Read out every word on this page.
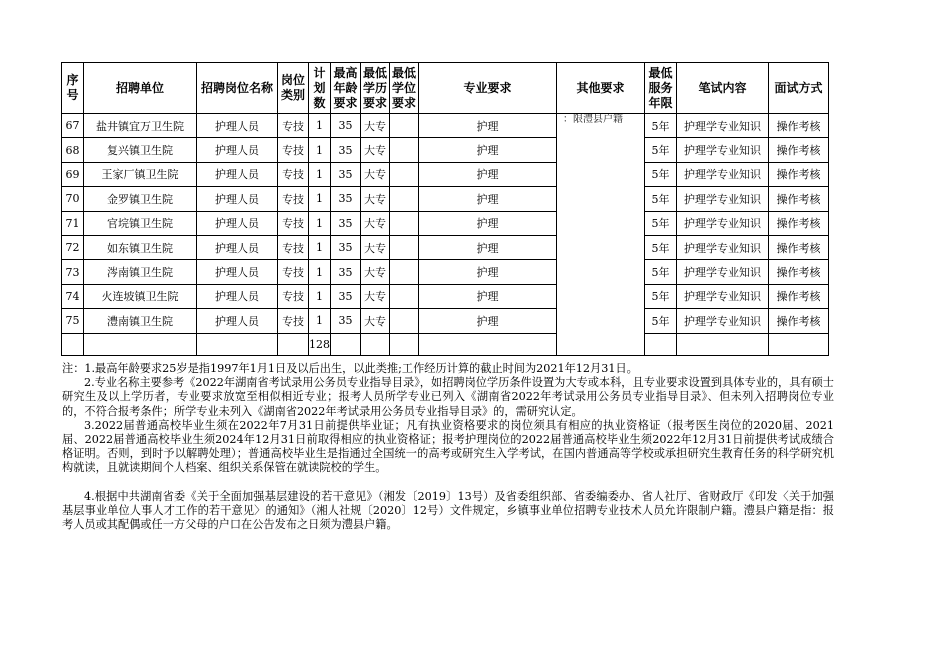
序号	招聘单位	招聘岗位名称	岗位类别	计划数	最高年龄要求	最低学历要求	最低学位要求	专业要求	其他要求	最低服务年限	笔试内容	面试方式
67	盐井镇宜万卫生院	护理人员	专技	1	35	大专		护理	：限澧县户籍	5年	护理学专业知识	操作考核
68	复兴镇卫生院	护理人员	专技	1	35	大专		护理		5年	护理学专业知识	操作考核
69	王家厂镇卫生院	护理人员	专技	1	35	大专		护理		5年	护理学专业知识	操作考核
70	金罗镇卫生院	护理人员	专技	1	35	大专		护理		5年	护理学专业知识	操作考核
71	官垸镇卫生院	护理人员	专技	1	35	大专		护理		5年	护理学专业知识	操作考核
72	如东镇卫生院	护理人员	专技	1	35	大专		护理		5年	护理学专业知识	操作考核
73	涔南镇卫生院	护理人员	专技	1	35	大专		护理		5年	护理学专业知识	操作考核
74	火连坡镇卫生院	护理人员	专技	1	35	大专		护理		5年	护理学专业知识	操作考核
75	澧南镇卫生院	护理人员	专技	1	35	大专		护理		5年	护理学专业知识	操作考核
				128								

注：1.最高年龄要求25岁是指1997年1月1日及以后出生，以此类推;工作经历计算的截止时间为2021年12月31日。

2.专业名称主要参考《2022年湖南省考试录用公务员专业指导目录》，如招聘岗位学历条件设置为大专或本科，且专业要求设置到具体专业的，具有硕士研究生及以上学历者，专业要求放宽至相似相近专业；报考人员所学专业已列入《湖南省2022年考试录用公务员专业指导目录》、但未列入招聘岗位专业的，不符合报考条件；所学专业未列入《湖南省2022年考试录用公务员专业指导目录》的，需研究认定。

3.2022届普通高校毕业生须在2022年7月31日前提供毕业证；凡有执业资格要求的岗位须具有相应的执业资格证（报考医生岗位的2020届、2021届、2022届普通高校毕业生须2024年12月31日前取得相应的执业资格证；报考护理岗位的2022届普通高校毕业生须2022年12月31日前提供考试成绩合格证明。否则，到时予以解聘处理）；普通高校毕业生是指通过全国统一的高考或研究生入学考试，在国内普通高等学校或承担研究生教育任务的科学研究机构就读，且就读期间个人档案、组织关系保管在就读院校的学生。

4.根据中共湖南省委《关于全面加强基层建设的若干意见》（湘发〔2019〕13号）及省委组织部、省委编委办、省人社厅、省财政厅《印发〈关于加强基层事业单位人事人才工作的若干意见〉的通知》（湘人社规〔2020〕12号）文件规定，乡镇事业单位招聘专业技术人员允许限制户籍。澧县户籍是指：报考人员或其配偶或任一方父母的户口在公告发布之日须为澧县户籍。
